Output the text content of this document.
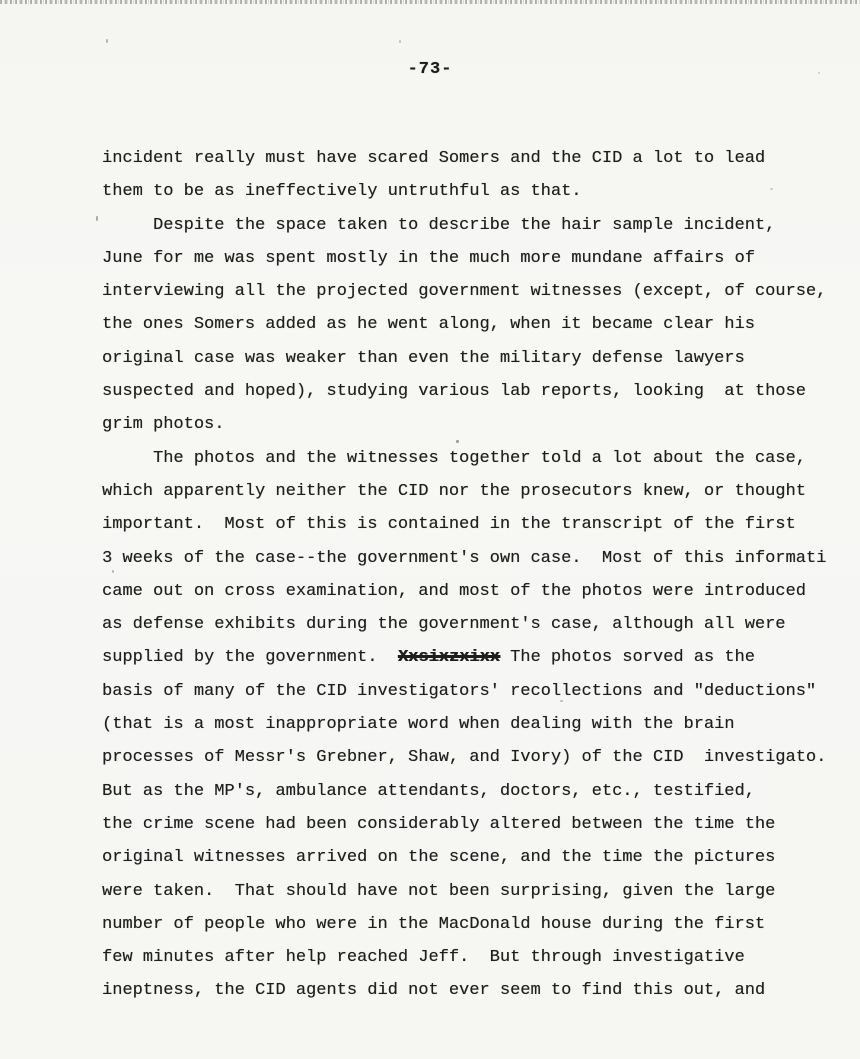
-73-
incident really must have scared Somers and the CID a lot to lead
them to be as ineffectively untruthful as that.
Despite the space taken to describe the hair sample incident,
June for me was spent mostly in the much more mundane affairs of
interviewing all the projected government witnesses (except, of course,
the ones Somers added as he went along, when it became clear his
original case was weaker than even the military defense lawyers
suspected and hoped), studying various lab reports, looking  at those
grim photos.
The photos and the witnesses together told a lot about the case,
which apparently neither the CID nor the prosecutors knew, or thought
important.  Most of this is contained in the transcript of the first
3 weeks of the case--the government's own case.  Most of this informati
came out on cross examination, and most of the photos were introduced
as defense exhibits during the government's case, although all were
supplied by the government.  Xxsixzxixx The photos sorved as the
basis of many of the CID investigators' recollections and "deductions"
(that is a most inappropriate word when dealing with the brain
processes of Messr's Grebner, Shaw, and Ivory) of the CID  investigato.
But as the MP's, ambulance attendants, doctors, etc., testified,
the crime scene had been considerably altered between the time the
original witnesses arrived on the scene, and the time the pictures
were taken.  That should have not been surprising, given the large
number of people who were in the MacDonald house during the first
few minutes after help reached Jeff.  But through investigative
ineptness, the CID agents did not ever seem to find this out, and
